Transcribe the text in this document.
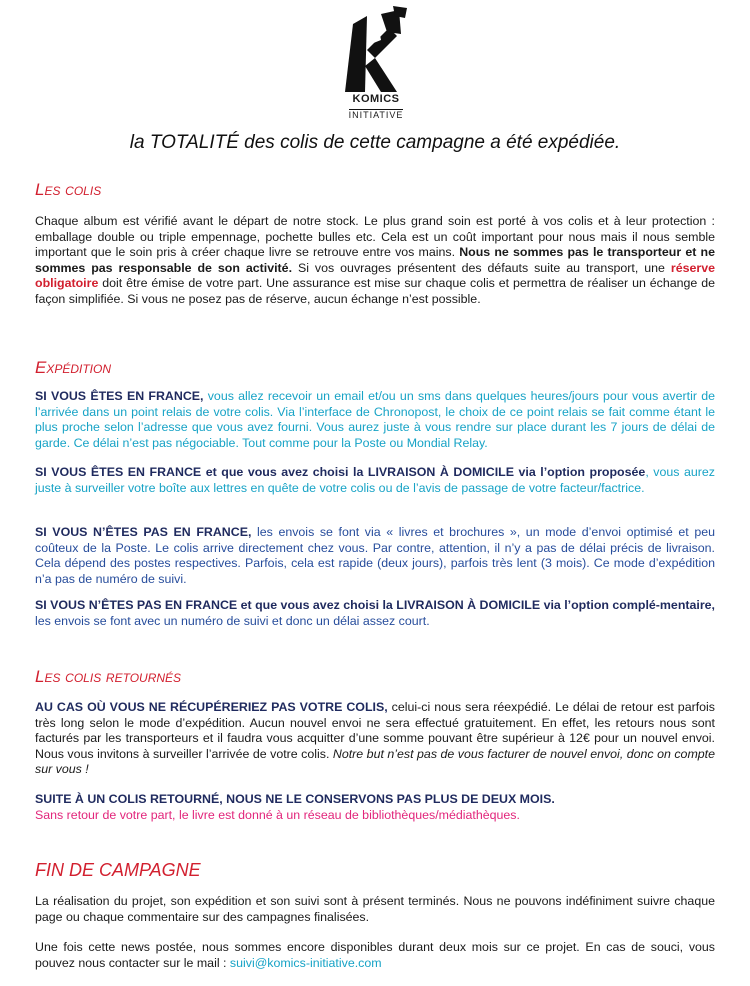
KOMICS
INITIATIVE
la TOTALITÉ des colis de cette campagne a été expédiée.
Les colis

Chaque album est vérifié avant le départ de notre stock. Le plus grand soin est porté à vos colis et à leur protection : emballage double ou triple empennage, pochette bulles etc. Cela est un coût important pour nous mais il nous semble important que le soin pris à créer chaque livre se retrouve entre vos mains. Nous ne sommes pas le transporteur et ne sommes pas responsable de son activité. Si vos ouvrages présentent des défauts suite au transport, une réserve obligatoire doit être émise de votre part. Une assurance est mise sur chaque colis et permettra de réaliser un échange de façon simplifiée. Si vous ne posez pas de réserve, aucun échange n’est possible.

Expédition

SI VOUS ÊTES EN FRANCE, vous allez recevoir un email et/ou un sms dans quelques heures/jours pour vous avertir de l’arrivée dans un point relais de votre colis. Via l’interface de Chronopost, le choix de ce point relais se fait comme étant le plus proche selon l’adresse que vous avez fourni. Vous aurez juste à vous rendre sur place durant les 7 jours de délai de garde. Ce délai n’est pas négociable. Tout comme pour la Poste ou Mondial Relay.

SI VOUS ÊTES EN FRANCE et que vous avez choisi la LIVRAISON À DOMICILE via l’option proposée, vous aurez juste à surveiller votre boîte aux lettres en quête de votre colis ou de l’avis de passage de votre facteur/factrice.

SI VOUS N’ÊTES PAS EN FRANCE, les envois se font via « livres et brochures », un mode d’envoi optimisé et peu coûteux de la Poste. Le colis arrive directement chez vous. Par contre, attention, il n’y a pas de délai précis de livraison. Cela dépend des postes respectives. Parfois, cela est rapide (deux jours), parfois très lent (3 mois). Ce mode d’expédition n’a pas de numéro de suivi.

SI VOUS N’ÊTES PAS EN FRANCE et que vous avez choisi la LIVRAISON À DOMICILE via l’option complé-mentaire, les envois se font avec un numéro de suivi et donc un délai assez court.

Les colis retournés

AU CAS OÙ VOUS NE RÉCUPÉRERIEZ PAS VOTRE COLIS, celui-ci nous sera réexpédié. Le délai de retour est parfois très long selon le mode d’expédition. Aucun nouvel envoi ne sera effectué gratuitement. En effet, les retours nous sont facturés par les transporteurs et il faudra vous acquitter d’une somme pouvant être supérieur à 12€ pour un nouvel envoi. Nous vous invitons à surveiller l’arrivée de votre colis. Notre but n’est pas de vous facturer de nouvel envoi, donc on compte sur vous !

SUITE À UN COLIS RETOURNÉ, NOUS NE LE CONSERVONS PAS PLUS DE DEUX MOIS.
Sans retour de votre part, le livre est donné à un réseau de bibliothèques/médiathèques.

FIN DE CAMPAGNE

La réalisation du projet, son expédition et son suivi sont à présent terminés. Nous ne pouvons indéfiniment suivre chaque page ou chaque commentaire sur des campagnes finalisées.

Une fois cette news postée, nous sommes encore disponibles durant deux mois sur ce projet. En cas de souci, vous pouvez nous contacter sur le mail : suivi@komics-initiative.com
